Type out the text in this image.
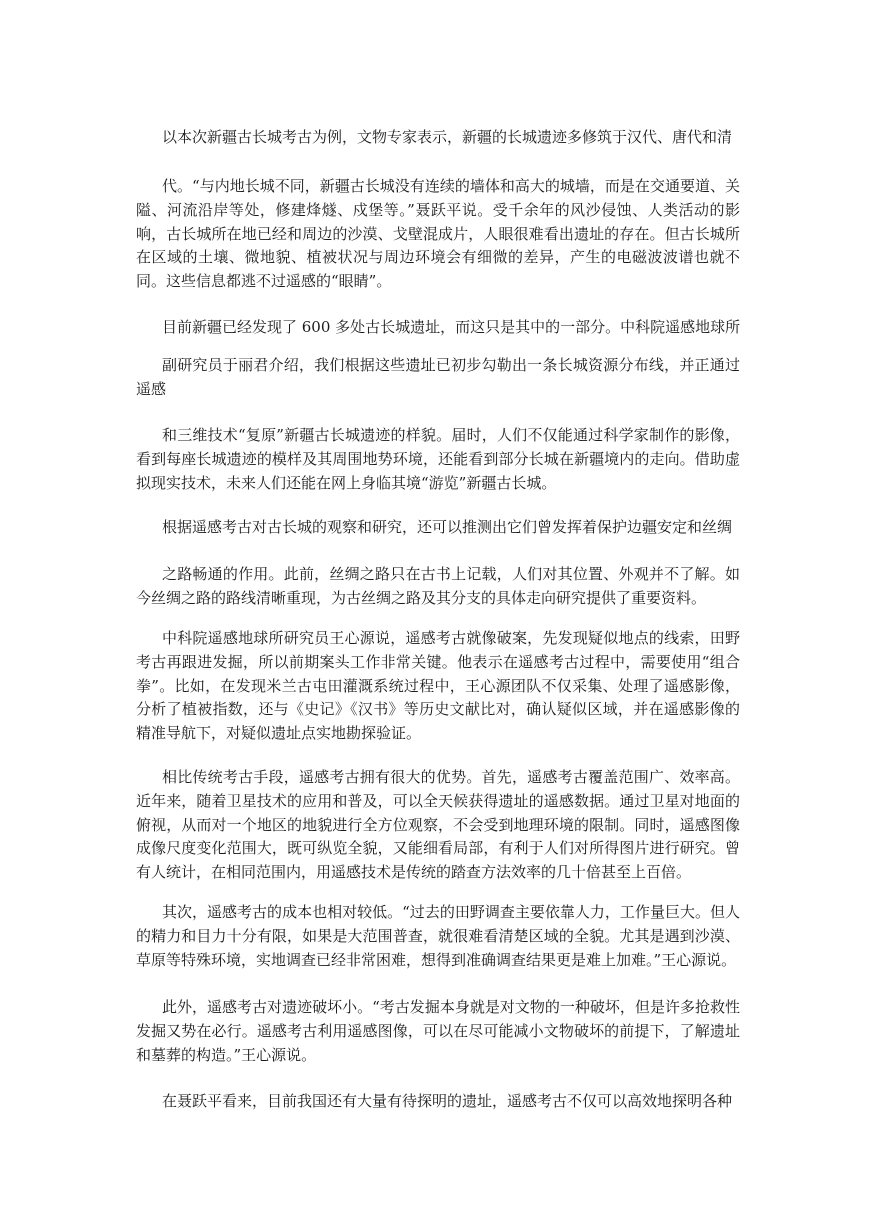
以本次新疆古长城考古为例，文物专家表示，新疆的长城遗迹多修筑于汉代、唐代和清
代。“与内地长城不同，新疆古长城没有连续的墙体和高大的城墙，而是在交通要道、关隘、河流沿岸等处，修建烽燧、戍堡等。”聂跃平说。受千余年的风沙侵蚀、人类活动的影响，古长城所在地已经和周边的沙漠、戈壁混成片，人眼很难看出遗址的存在。但古长城所在区域的土壤、微地貌、植被状况与周边环境会有细微的差异，产生的电磁波波谱也就不同。这些信息都逃不过遥感的“眼睛”。
目前新疆已经发现了 600 多处古长城遗址，而这只是其中的一部分。中科院遥感地球所
副研究员于丽君介绍，我们根据这些遗址已初步勾勒出一条长城资源分布线，并正通过遥感
和三维技术“复原”新疆古长城遗迹的样貌。届时，人们不仅能通过科学家制作的影像，看到每座长城遗迹的模样及其周围地势环境，还能看到部分长城在新疆境内的走向。借助虚拟现实技术，未来人们还能在网上身临其境“游览”新疆古长城。
根据遥感考古对古长城的观察和研究，还可以推测出它们曾发挥着保护边疆安定和丝绸
之路畅通的作用。此前，丝绸之路只在古书上记载，人们对其位置、外观并不了解。如今丝绸之路的路线清晰重现，为古丝绸之路及其分支的具体走向研究提供了重要资料。
中科院遥感地球所研究员王心源说，遥感考古就像破案，先发现疑似地点的线索，田野考古再跟进发掘，所以前期案头工作非常关键。他表示在遥感考古过程中，需要使用“组合拳”。比如，在发现米兰古屯田灌溉系统过程中，王心源团队不仅采集、处理了遥感影像，分析了植被指数，还与《史记》《汉书》等历史文献比对，确认疑似区域，并在遥感影像的精准导航下，对疑似遗址点实地勘探验证。
相比传统考古手段，遥感考古拥有很大的优势。首先，遥感考古覆盖范围广、效率高。近年来，随着卫星技术的应用和普及，可以全天候获得遗址的遥感数据。通过卫星对地面的俯视，从而对一个地区的地貌进行全方位观察，不会受到地理环境的限制。同时，遥感图像成像尺度变化范围大，既可纵览全貌，又能细看局部，有利于人们对所得图片进行研究。曾有人统计，在相同范围内，用遥感技术是传统的踏查方法效率的几十倍甚至上百倍。
其次，遥感考古的成本也相对较低。“过去的田野调查主要依靠人力，工作量巨大。但人的精力和目力十分有限，如果是大范围普查，就很难看清楚区域的全貌。尤其是遇到沙漠、草原等特殊环境，实地调查已经非常困难，想得到准确调查结果更是难上加难。”王心源说。
此外，遥感考古对遗迹破坏小。“考古发掘本身就是对文物的一种破坏，但是许多抢救性发掘又势在必行。遥感考古利用遥感图像，可以在尽可能减小文物破坏的前提下，了解遗址和墓葬的构造。”王心源说。
在聂跃平看来，目前我国还有大量有待探明的遗址，遥感考古不仅可以高效地探明各种
